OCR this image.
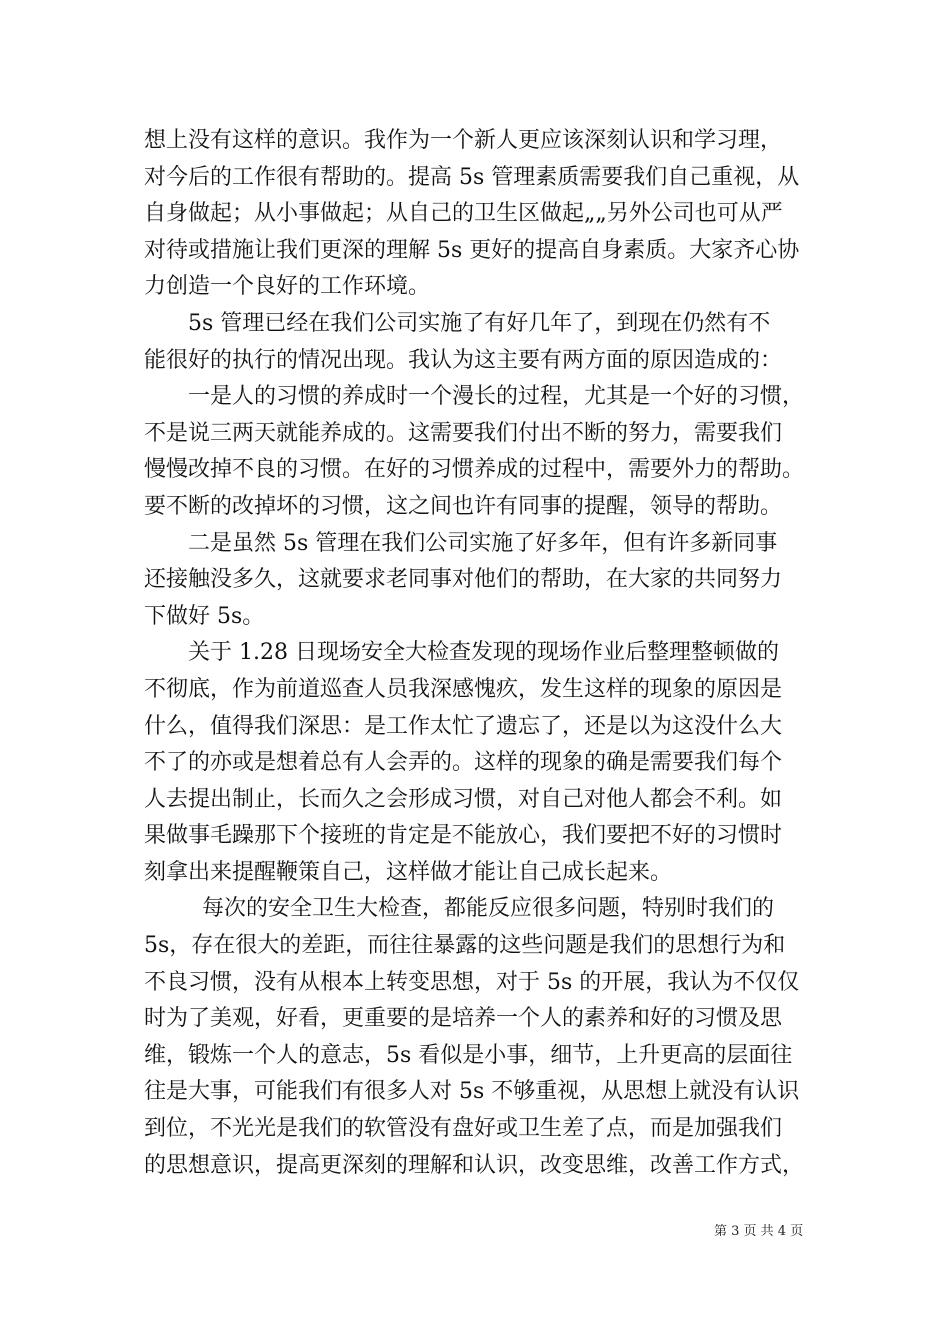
想上没有这样的意识。我作为一个新人更应该深刻认识和学习理，
对今后的工作很有帮助的。提高 5s 管理素质需要我们自己重视，从
自身做起；从小事做起；从自己的卫生区做起„„另外公司也可从严
对待或措施让我们更深的理解 5s 更好的提高自身素质。大家齐心协
力创造一个良好的工作环境。
5s 管理已经在我们公司实施了有好几年了，到现在仍然有不
能很好的执行的情况出现。我认为这主要有两方面的原因造成的：
一是人的习惯的养成时一个漫长的过程，尤其是一个好的习惯，
不是说三两天就能养成的。这需要我们付出不断的努力，需要我们
慢慢改掉不良的习惯。在好的习惯养成的过程中，需要外力的帮助。
要不断的改掉坏的习惯，这之间也许有同事的提醒，领导的帮助。
二是虽然 5s 管理在我们公司实施了好多年，但有许多新同事
还接触没多久，这就要求老同事对他们的帮助，在大家的共同努力
下做好 5s。
关于 1.28 日现场安全大检查发现的现场作业后整理整顿做的
不彻底，作为前道巡查人员我深感愧疚，发生这样的现象的原因是
什么，值得我们深思：是工作太忙了遗忘了，还是以为这没什么大
不了的亦或是想着总有人会弄的。这样的现象的确是需要我们每个
人去提出制止，长而久之会形成习惯，对自己对他人都会不利。如
果做事毛躁那下个接班的肯定是不能放心，我们要把不好的习惯时
刻拿出来提醒鞭策自己，这样做才能让自己成长起来。
每次的安全卫生大检查，都能反应很多问题，特别时我们的
5s，存在很大的差距，而往往暴露的这些问题是我们的思想行为和
不良习惯，没有从根本上转变思想，对于 5s 的开展，我认为不仅仅
时为了美观，好看，更重要的是培养一个人的素养和好的习惯及思
维，锻炼一个人的意志，5s 看似是小事，细节，上升更高的层面往
往是大事，可能我们有很多人对 5s 不够重视，从思想上就没有认识
到位，不光光是我们的软管没有盘好或卫生差了点，而是加强我们
的思想意识，提高更深刻的理解和认识，改变思维，改善工作方式，
第 3 页 共 4 页
